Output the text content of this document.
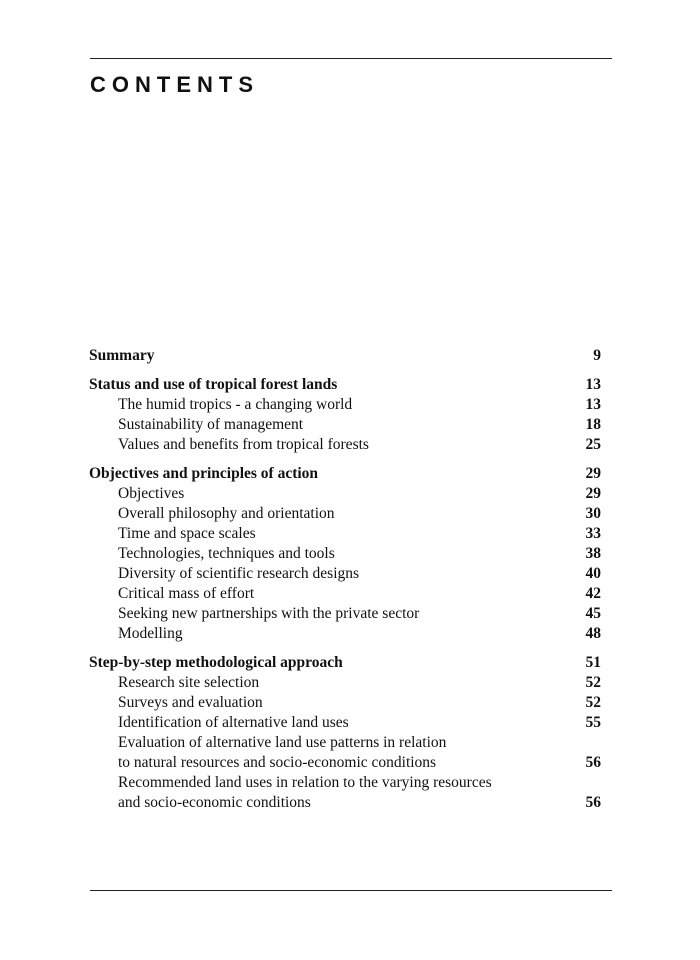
CONTENTS
Summary	9
Status and use of tropical forest lands	13
The humid tropics - a changing world	13
Sustainability of management	18
Values and benefits from tropical forests	25
Objectives and principles of action	29
Objectives	29
Overall philosophy and orientation	30
Time and space scales	33
Technologies, techniques and tools	38
Diversity of scientific research designs	40
Critical mass of effort	42
Seeking new partnerships with the private sector	45
Modelling	48
Step-by-step methodological approach	51
Research site selection	52
Surveys and evaluation	52
Identification of alternative land uses	55
Evaluation of alternative land use patterns in relation
to natural resources and socio-economic conditions	56
Recommended land uses in relation to the varying resources
and socio-economic conditions	56
